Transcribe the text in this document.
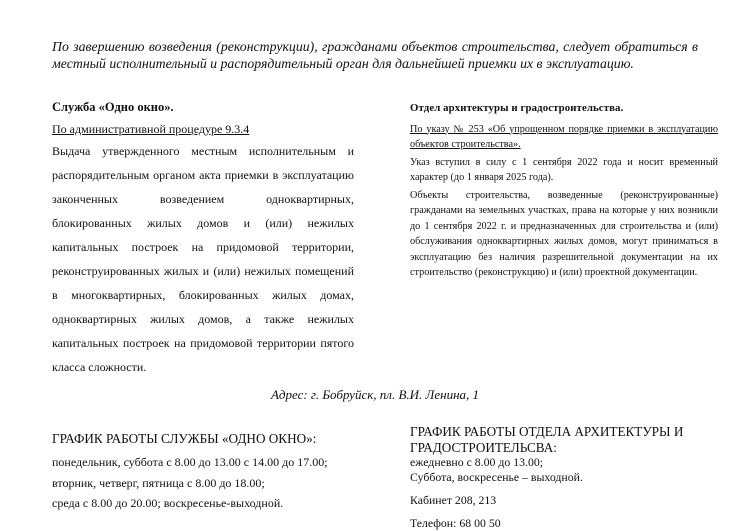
По завершению возведения (реконструкции), гражданами объектов строительства, следует обратиться в местный исполнительный и распорядительный орган для дальнейшей приемки их в эксплуатацию.

Служба «Одно окно».

По административной процедуре 9.3.4

Выдача утвержденного местным исполнительным и распорядительным органом акта приемки в эксплуатацию законченных возведением одноквартирных, блокированных жилых домов и (или) нежилых капитальных построек на придомовой территории, реконструированных жилых и (или) нежилых помещений в многоквартирных, блокированных жилых домах, одноквартирных жилых домов, а также нежилых капитальных построек на придомовой территории пятого класса сложности.

Отдел архитектуры и градостроительства.

По указу № 253 «Об упрощенном порядке приемки в эксплуатацию объектов строительства».

Указ вступил в силу с 1 сентября 2022 года и носит временный характер (до 1 января 2025 года).

Объекты строительства, возведенные (реконструированные) гражданами на земельных участках, права на которые у них возникли до 1 сентября 2022 г. и предназначенных для строительства и (или) обслуживания одноквартирных жилых домов, могут приниматься в эксплуатацию без наличия разрешительной документации на их строительство (реконструкцию) и (или) проектной документации.

Адрес: г. Бобруйск, пл. В.И. Ленина, 1

ГРАФИК РАБОТЫ СЛУЖБЫ «ОДНО ОКНО»:

понедельник, суббота с 8.00 до 13.00 с 14.00 до 17.00;

вторник, четверг, пятница с 8.00 до 18.00;

среда с 8.00 до 20.00; воскресенье-выходной.

ГРАФИК РАБОТЫ ОТДЕЛА АРХИТЕКТУРЫ И

ГРАДОСТРОИТЕЛЬСВА:

ежедневно с 8.00 до 13.00;

Суббота, воскресенье – выходной.

Кабинет 208, 213

Телефон: 68 00 50
